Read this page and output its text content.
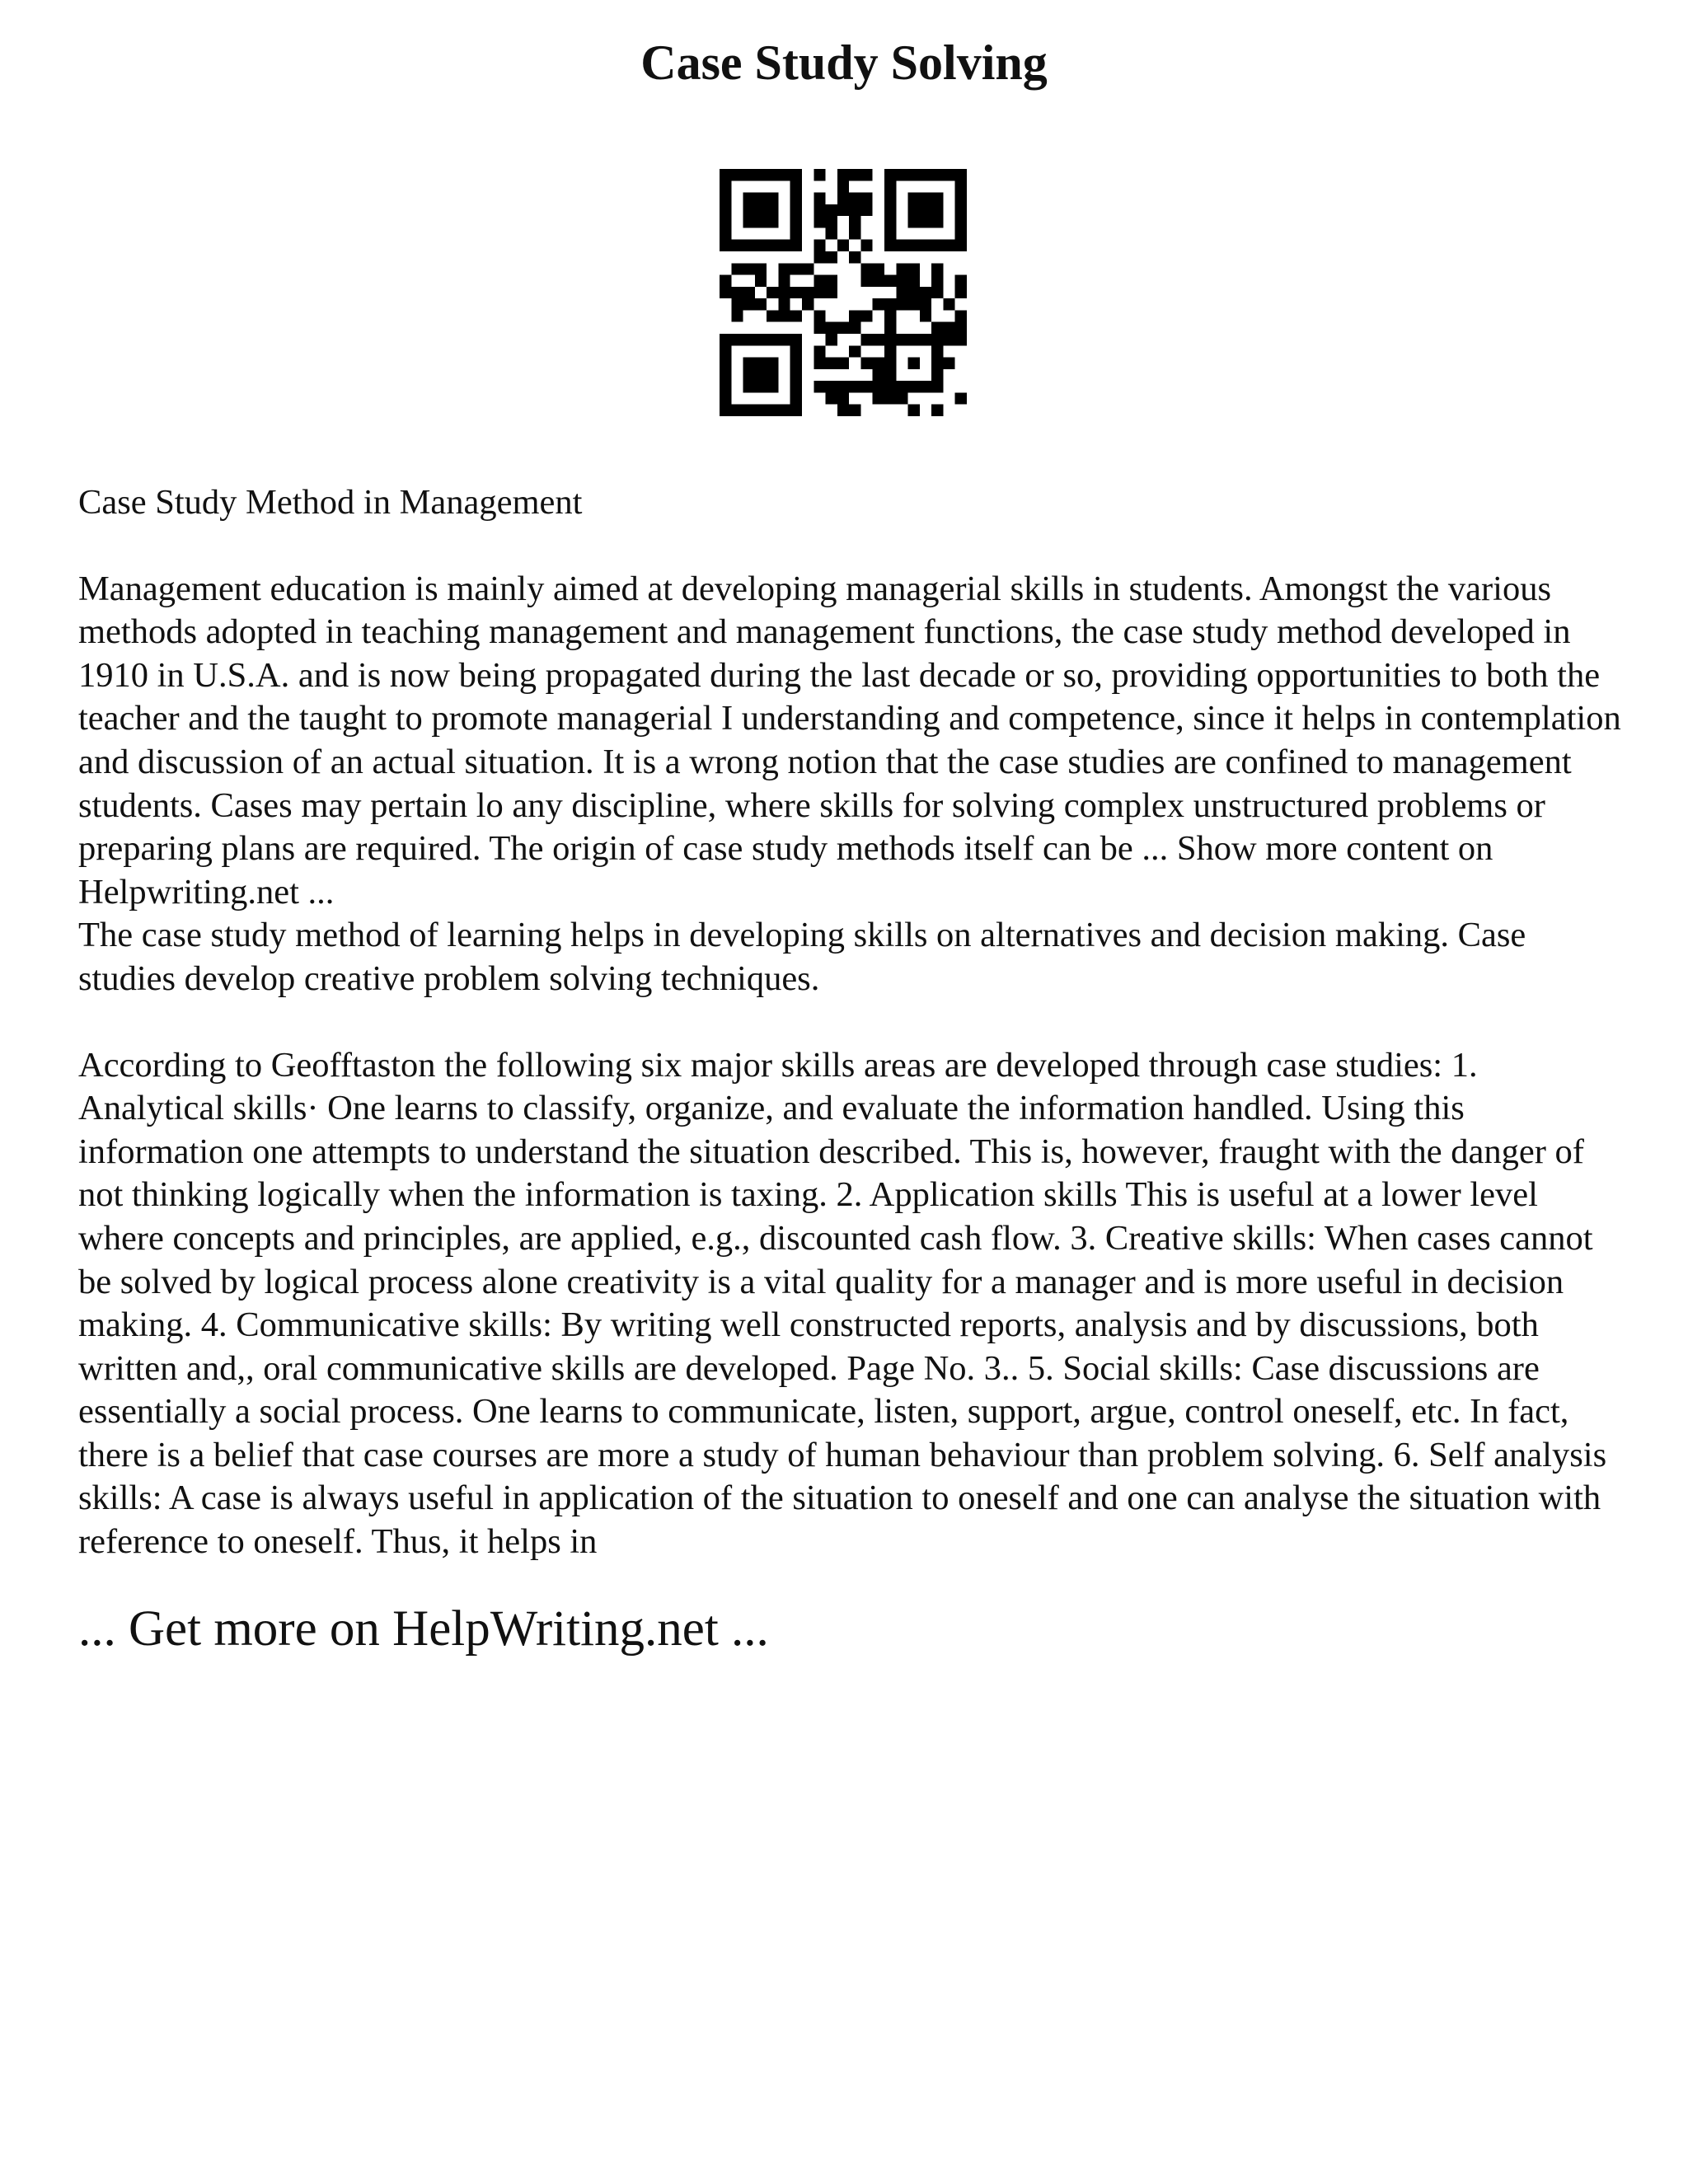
Case Study Solving

Case Study Method in Management

Management education is mainly aimed at developing managerial skills in students. Amongst the various methods adopted in teaching management and management functions, the case study method developed in 1910 in U.S.A. and is now being propagated during the last decade or so, providing opportunities to both the teacher and the taught to promote managerial I understanding and competence, since it helps in contemplation and discussion of an actual situation. It is a wrong notion that the case studies are confined to management students. Cases may pertain lo any discipline, where skills for solving complex unstructured problems or preparing plans are required. The origin of case study methods itself can be ... Show more content on Helpwriting.net ...

The case study method of learning helps in developing skills on alternatives and decision making. Case studies develop creative problem solving techniques.

According to Geofftaston the following six major skills areas are developed through case studies: 1. Analytical skills· One learns to classify, organize, and evaluate the information handled. Using this information one attempts to understand the situation described. This is, however, fraught with the danger of not thinking logically when the information is taxing. 2. Application skills This is useful at a lower level where concepts and principles, are applied, e.g., discounted cash flow. 3. Creative skills: When cases cannot be solved by logical process alone creativity is a vital quality for a manager and is more useful in decision making. 4. Communicative skills: By writing well constructed reports, analysis and by discussions, both written and,, oral communicative skills are developed. Page No. 3.. 5. Social skills: Case discussions are essentially a social process. One learns to communicate, listen, support, argue, control oneself, etc. In fact, there is a belief that case courses are more a study of human behaviour than problem solving. 6. Self analysis skills: A case is always useful in application of the situation to oneself and one can analyse the situation with reference to oneself. Thus, it helps in

... Get more on HelpWriting.net ...
